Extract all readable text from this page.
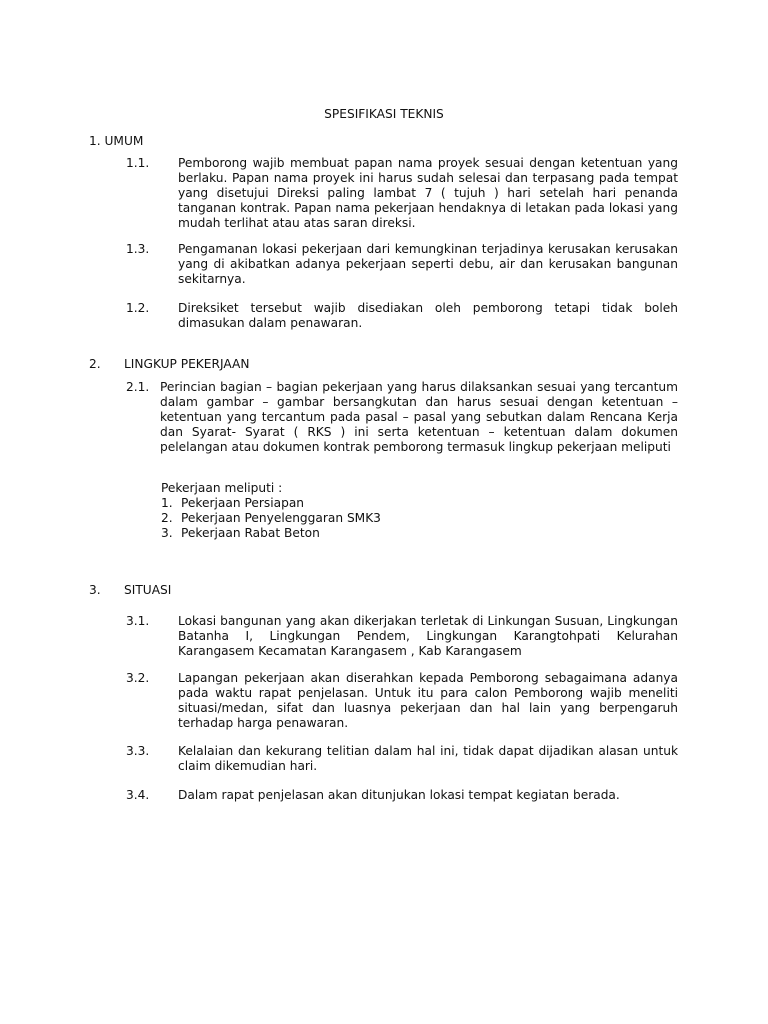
SPESIFIKASI TEKNIS
1. UMUM
1.1. Pemborong wajib membuat papan nama proyek sesuai dengan ketentuan yang berlaku. Papan nama proyek ini harus sudah selesai dan terpasang pada tempat yang disetujui Direksi paling lambat 7 ( tujuh ) hari setelah hari penanda tanganan kontrak. Papan nama pekerjaan hendaknya di letakan pada lokasi yang mudah terlihat atau atas saran direksi.
1.3. Pengamanan lokasi pekerjaan dari kemungkinan terjadinya kerusakan kerusakan yang di akibatkan adanya pekerjaan seperti debu, air dan kerusakan bangunan sekitarnya.
1.2. Direksiket tersebut wajib disediakan oleh pemborong tetapi tidak boleh dimasukan dalam penawaran.
2. LINGKUP PEKERJAAN
2.1. Perincian bagian – bagian pekerjaan yang harus dilaksankan sesuai yang tercantum dalam gambar – gambar bersangkutan dan harus sesuai dengan ketentuan – ketentuan yang tercantum pada pasal – pasal yang sebutkan dalam Rencana Kerja dan Syarat- Syarat ( RKS ) ini serta ketentuan – ketentuan dalam dokumen pelelangan atau dokumen kontrak pemborong termasuk lingkup pekerjaan meliputi
Pekerjaan meliputi :
1. Pekerjaan Persiapan
2. Pekerjaan Penyelenggaran SMK3
3. Pekerjaan Rabat Beton
3. SITUASI
3.1. Lokasi bangunan yang akan dikerjakan terletak di Linkungan Susuan, Lingkungan Batanha I, Lingkungan Pendem, Lingkungan Karangtohpati Kelurahan Karangasem Kecamatan Karangasem , Kab Karangasem
3.2. Lapangan pekerjaan akan diserahkan kepada Pemborong sebagaimana adanya pada waktu rapat penjelasan. Untuk itu para calon Pemborong wajib meneliti situasi/medan, sifat dan luasnya pekerjaan dan hal lain yang berpengaruh terhadap harga penawaran.
3.3. Kelalaian dan kekurang telitian dalam hal ini, tidak dapat dijadikan alasan untuk claim dikemudian hari.
3.4. Dalam rapat penjelasan akan ditunjukan lokasi tempat kegiatan berada.
